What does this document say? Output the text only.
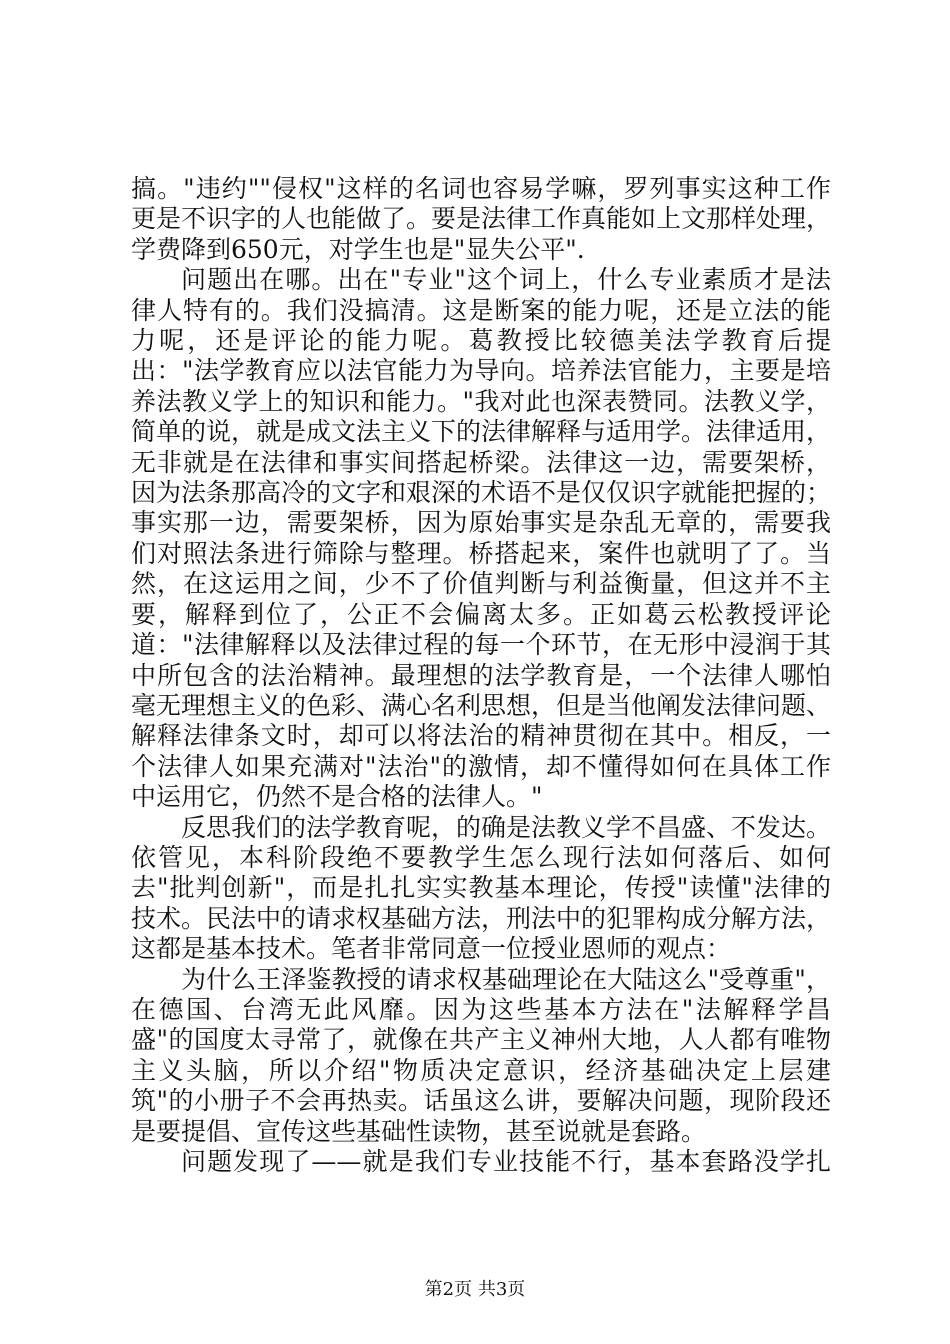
搞。"违约""侵权"这样的名词也容易学嘛，罗列事实这种工作
更是不识字的人也能做了。要是法律工作真能如上文那样处理，
学费降到650元，对学生也是"显失公平".
问题出在哪。出在"专业"这个词上，什么专业素质才是法
律人特有的。我们没搞清。这是断案的能力呢，还是立法的能
力呢，还是评论的能力呢。葛教授比较德美法学教育后提
出："法学教育应以法官能力为导向。培养法官能力，主要是培
养法教义学上的知识和能力。"我对此也深表赞同。法教义学，
简单的说，就是成文法主义下的法律解释与适用学。法律适用，
无非就是在法律和事实间搭起桥梁。法律这一边，需要架桥，
因为法条那高冷的文字和艰深的术语不是仅仅识字就能把握的；
事实那一边，需要架桥，因为原始事实是杂乱无章的，需要我
们对照法条进行筛除与整理。桥搭起来，案件也就明了了。当
然，在这运用之间，少不了价值判断与利益衡量，但这并不主
要，解释到位了，公正不会偏离太多。正如葛云松教授评论
道："法律解释以及法律过程的每一个环节，在无形中浸润于其
中所包含的法治精神。最理想的法学教育是，一个法律人哪怕
毫无理想主义的色彩、满心名利思想，但是当他阐发法律问题、
解释法律条文时，却可以将法治的精神贯彻在其中。相反，一
个法律人如果充满对"法治"的激情，却不懂得如何在具体工作
中运用它，仍然不是合格的法律人。"
反思我们的法学教育呢，的确是法教义学不昌盛、不发达。
依管见，本科阶段绝不要教学生怎么现行法如何落后、如何
去"批判创新"，而是扎扎实实教基本理论，传授"读懂"法律的
技术。民法中的请求权基础方法，刑法中的犯罪构成分解方法，
这都是基本技术。笔者非常同意一位授业恩师的观点：
为什么王泽鉴教授的请求权基础理论在大陆这么"受尊重"，
在德国、台湾无此风靡。因为这些基本方法在"法解释学昌
盛"的国度太寻常了，就像在共产主义神州大地，人人都有唯物
主义头脑，所以介绍"物质决定意识，经济基础决定上层建
筑"的小册子不会再热卖。话虽这么讲，要解决问题，现阶段还
是要提倡、宣传这些基础性读物，甚至说就是套路。
问题发现了——就是我们专业技能不行，基本套路没学扎
第2页 共3页
